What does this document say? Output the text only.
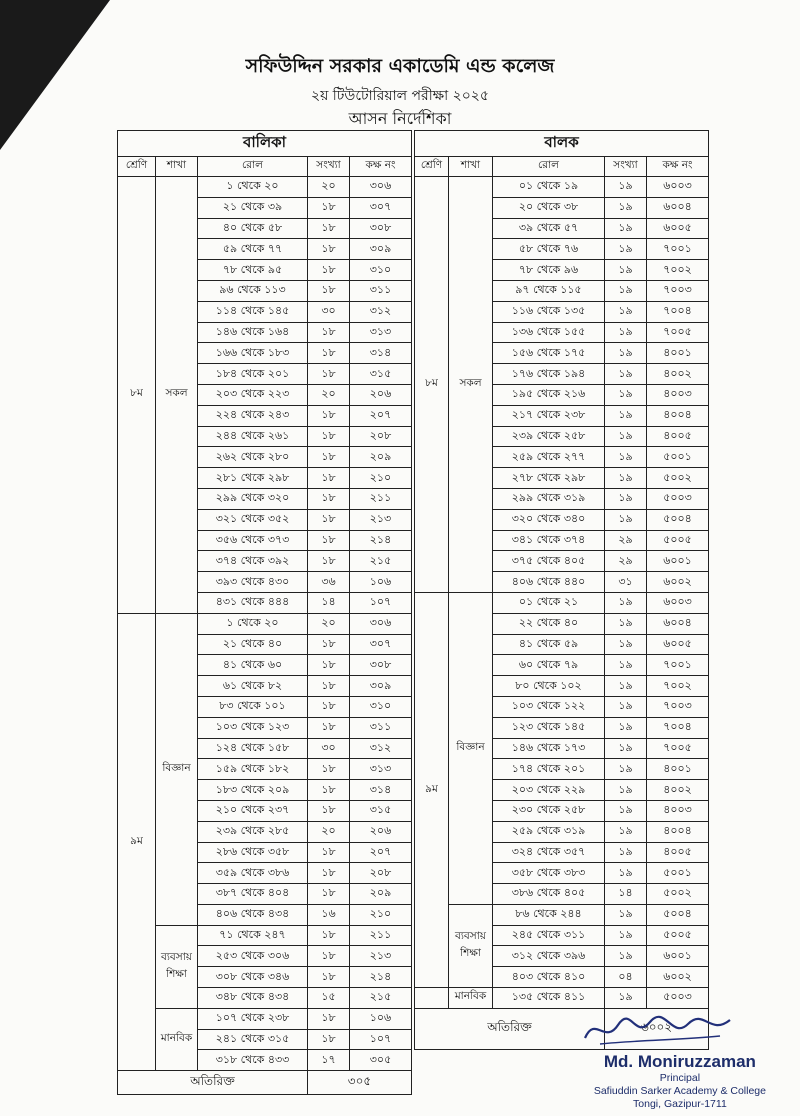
সফিউদ্দিন সরকার একাডেমি এন্ড কলেজ
২য় টিউটোরিয়াল পরীক্ষা ২০২৫
আসন নির্দেশিকা
বালিকা				
শ্রেণি	শাখা	রোল	সংখ্যা	কক্ষ নং
৮ম	সকল	১ থেকে ২০	২০	৩০৬
		২১ থেকে ৩৯	১৮	৩০৭
		৪০ থেকে ৫৮	১৮	৩০৮
		৫৯ থেকে ৭৭	১৮	৩০৯
		৭৮ থেকে ৯৫	১৮	৩১০
		৯৬ থেকে ১১৩	১৮	৩১১
		১১৪ থেকে ১৪৫	৩০	৩১২
		১৪৬ থেকে ১৬৪	১৮	৩১৩
		১৬৬ থেকে ১৮৩	১৮	৩১৪
		১৮৪ থেকে ২০১	১৮	৩১৫
		২০৩ থেকে ২২৩	২০	২০৬
		২২৪ থেকে ২৪৩	১৮	২০৭
		২৪৪ থেকে ২৬১	১৮	২০৮
		২৬২ থেকে ২৮০	১৮	২০৯
		২৮১ থেকে ২৯৮	১৮	২১০
		২৯৯ থেকে ৩২০	১৮	২১১
		৩২১ থেকে ৩৫২	১৮	২১৩
		৩৫৬ থেকে ৩৭৩	১৮	২১৪
		৩৭৪ থেকে ৩৯২	১৮	২১৫
		৩৯৩ থেকে ৪৩০	৩৬	১০৬
		৪৩১ থেকে ৪৪৪	১৪	১০৭
৯ম	বিজ্ঞান	১ থেকে ২০	২০	৩০৬
		২১ থেকে ৪০	১৮	৩০৭
		৪১ থেকে ৬০	১৮	৩০৮
		৬১ থেকে ৮২	১৮	৩০৯
		৮৩ থেকে ১০১	১৮	৩১০
		১০৩ থেকে ১২৩	১৮	৩১১
		১২৪ থেকে ১৫৮	৩০	৩১২
		১৫৯ থেকে ১৮২	১৮	৩১৩
		১৮৩ থেকে ২০৯	১৮	৩১৪
		২১০ থেকে ২৩৭	১৮	৩১৫
		২৩৯ থেকে ২৮৫	২০	২০৬
		২৮৬ থেকে ৩৫৮	১৮	২০৭
		৩৫৯ থেকে ৩৮৬	১৮	২০৮
		৩৮৭ থেকে ৪০৪	১৮	২০৯
		৪০৬ থেকে ৪৩৪	১৬	২১০
	ব্যবসায় শিক্ষা	৭১ থেকে ২৪৭	১৮	২১১
		২৫৩ থেকে ৩০৬	১৮	২১৩
		৩০৮ থেকে ৩৪৬	১৮	২১৪
		৩৪৮ থেকে ৪৩৪	১৫	২১৫
	মানবিক	১০৭ থেকে ২৩৮	১৮	১০৬
		২৪১ থেকে ৩১৫	১৮	১০৭
		৩১৮ থেকে ৪৩৩	১৭	৩০৫
অতিরিক্ত			৩০৫	
বালক				
শ্রেণি	শাখা	রোল	সংখ্যা	কক্ষ নং
৮ম	সকল	০১ থেকে ১৯	১৯	৬০০৩
		২০ থেকে ৩৮	১৯	৬০০৪
		৩৯ থেকে ৫৭	১৯	৬০০৫
		৫৮ থেকে ৭৬	১৯	৭০০১
		৭৮ থেকে ৯৬	১৯	৭০০২
		৯৭ থেকে ১১৫	১৯	৭০০৩
		১১৬ থেকে ১৩৫	১৯	৭০০৪
		১৩৬ থেকে ১৫৫	১৯	৭০০৫
		১৫৬ থেকে ১৭৫	১৯	৪০০১
		১৭৬ থেকে ১৯৪	১৯	৪০০২
		১৯৫ থেকে ২১৬	১৯	৪০০৩
		২১৭ থেকে ২৩৮	১৯	৪০০৪
		২৩৯ থেকে ২৫৮	১৯	৪০০৫
		২৫৯ থেকে ২৭৭	১৯	৫০০১
		২৭৮ থেকে ২৯৮	১৯	৫০০২
		২৯৯ থেকে ৩১৯	১৯	৫০০৩
		৩২০ থেকে ৩৪০	১৯	৫০০৪
		৩৪১ থেকে ৩৭৪	২৯	৫০০৫
		৩৭৫ থেকে ৪০৫	২৯	৬০০১
		৪০৬ থেকে ৪৪০	৩১	৬০০২
৯ম	বিজ্ঞান	০১ থেকে ২১	১৯	৬০০৩
		২২ থেকে ৪০	১৯	৬০০৪
		৪১ থেকে ৫৯	১৯	৬০০৫
		৬০ থেকে ৭৯	১৯	৭০০১
		৮০ থেকে ১০২	১৯	৭০০২
		১০৩ থেকে ১২২	১৯	৭০০৩
		১২৩ থেকে ১৪৫	১৯	৭০০৪
		১৪৬ থেকে ১৭৩	১৯	৭০০৫
		১৭৪ থেকে ২০১	১৯	৪০০১
		২০৩ থেকে ২২৯	১৯	৪০০২
		২৩০ থেকে ২৫৮	১৯	৪০০৩
		২৫৯ থেকে ৩১৯	১৯	৪০০৪
		৩২৪ থেকে ৩৫৭	১৯	৪০০৫
		৩৫৮ থেকে ৩৮৩	১৯	৫০০১
		৩৮৬ থেকে ৪০৫	১৪	৫০০২
	ব্যবসায় শিক্ষা	৮৬ থেকে ২৪৪	১৯	৫০০৪
		২৪৫ থেকে ৩১১	১৯	৫০০৫
		৩১২ থেকে ৩৯৬	১৯	৬০০১
		৪০৩ থেকে ৪১০	০৪	৬০০২
	মানবিক	১৩৫ থেকে ৪১১	১৯	৫০০৩
অতিরিক্ত			৬০০২	
Md. Moniruzzaman
Principal
Safiuddin Sarker Academy & College
Tongi, Gazipur-1711
